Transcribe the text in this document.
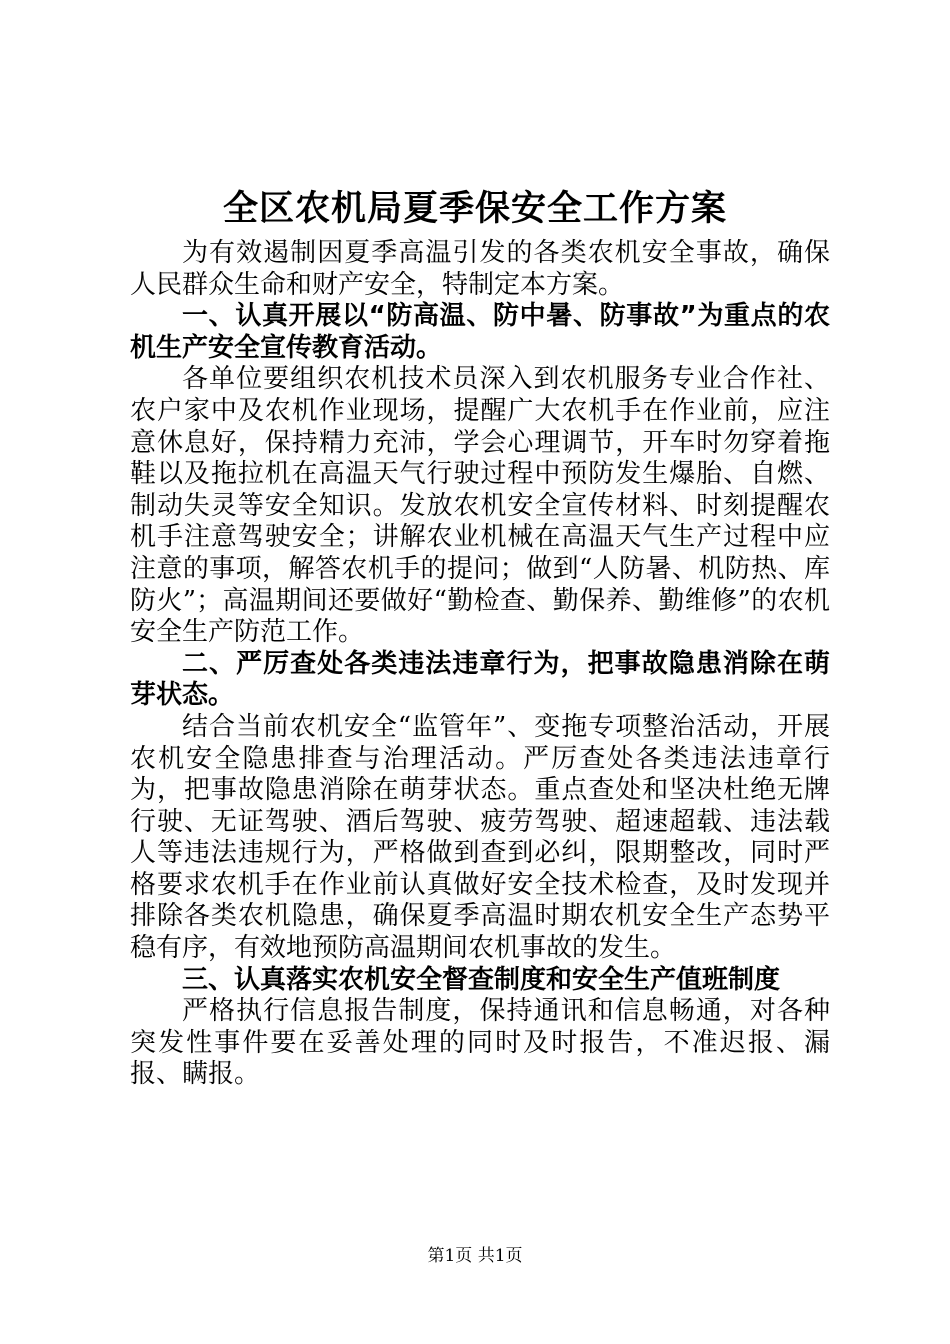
全区农机局夏季保安全工作方案

为有效遏制因夏季高温引发的各类农机安全事故，确保人民群众生命和财产安全，特制定本方案。

一、认真开展以“防高温、防中暑、防事故”为重点的农机生产安全宣传教育活动。

各单位要组织农机技术员深入到农机服务专业合作社、农户家中及农机作业现场，提醒广大农机手在作业前，应注意休息好，保持精力充沛，学会心理调节，开车时勿穿着拖鞋以及拖拉机在高温天气行驶过程中预防发生爆胎、自燃、制动失灵等安全知识。发放农机安全宣传材料、时刻提醒农机手注意驾驶安全；讲解农业机械在高温天气生产过程中应注意的事项，解答农机手的提问；做到“人防暑、机防热、库防火”；高温期间还要做好“勤检查、勤保养、勤维修”的农机安全生产防范工作。

二、严厉查处各类违法违章行为，把事故隐患消除在萌芽状态。

结合当前农机安全“监管年”、变拖专项整治活动，开展农机安全隐患排查与治理活动。严厉查处各类违法违章行为，把事故隐患消除在萌芽状态。重点查处和坚决杜绝无牌行驶、无证驾驶、酒后驾驶、疲劳驾驶、超速超载、违法载人等违法违规行为，严格做到查到必纠，限期整改，同时严格要求农机手在作业前认真做好安全技术检查，及时发现并排除各类农机隐患，确保夏季高温时期农机安全生产态势平稳有序，有效地预防高温期间农机事故的发生。

三、认真落实农机安全督查制度和安全生产值班制度

严格执行信息报告制度，保持通讯和信息畅通，对各种突发性事件要在妥善处理的同时及时报告，不准迟报、漏报、瞒报。

第1页 共1页
